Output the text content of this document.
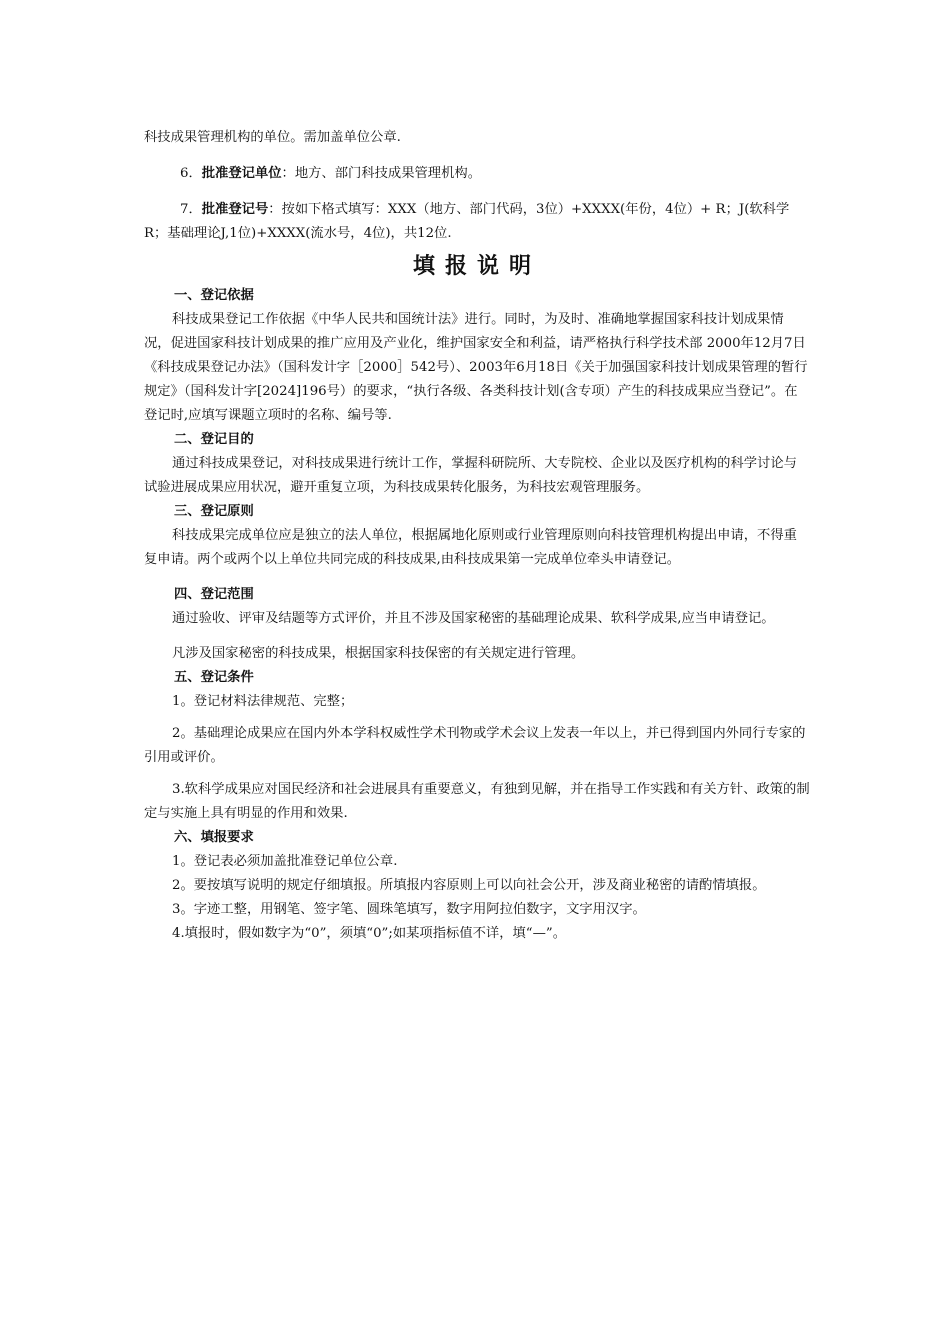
科技成果管理机构的单位。需加盖单位公章.

6．批准登记单位：地方、部门科技成果管理机构。

7．批准登记号：按如下格式填写：XXX（地方、部门代码，3位）+XXXX(年份，4位）+ R；J(软科学R；基础理论J,1位)+XXXX(流水号，4位)，共12位.

填报说明

一、登记依据

科技成果登记工作依据《中华人民共和国统计法》进行。同时，为及时、准确地掌握国家科技计划成果情况，促进国家科技计划成果的推广应用及产业化，维护国家安全和利益，请严格执行科学技术部 2000年12月7日《科技成果登记办法》（国科发计字［2000］542号）、2003年6月18日《关于加强国家科技计划成果管理的暂行规定》（国科发计字[2024]196号）的要求，“执行各级、各类科技计划(含专项）产生的科技成果应当登记”。在登记时,应填写课题立项时的名称、编号等.

二、登记目的

通过科技成果登记，对科技成果进行统计工作，掌握科研院所、大专院校、企业以及医疗机构的科学讨论与试验进展成果应用状况，避开重复立项，为科技成果转化服务，为科技宏观管理服务。

三、登记原则

科技成果完成单位应是独立的法人单位，根据属地化原则或行业管理原则向科技管理机构提出申请，不得重复申请。两个或两个以上单位共同完成的科技成果,由科技成果第一完成单位牵头申请登记。

四、登记范围

通过验收、评审及结题等方式评价，并且不涉及国家秘密的基础理论成果、软科学成果,应当申请登记。

凡涉及国家秘密的科技成果，根据国家科技保密的有关规定进行管理。

五、登记条件

1。登记材料法律规范、完整；

2。基础理论成果应在国内外本学科权威性学术刊物或学术会议上发表一年以上，并已得到国内外同行专家的引用或评价。

3.软科学成果应对国民经济和社会进展具有重要意义，有独到见解，并在指导工作实践和有关方针、政策的制定与实施上具有明显的作用和效果.

六、填报要求

1。登记表必须加盖批准登记单位公章.

2。要按填写说明的规定仔细填报。所填报内容原则上可以向社会公开，涉及商业秘密的请酌情填报。

3。字迹工整，用钢笔、签字笔、圆珠笔填写，数字用阿拉伯数字，文字用汉字。

4.填报时，假如数字为“0”，须填“0”;如某项指标值不详，填“—”。
